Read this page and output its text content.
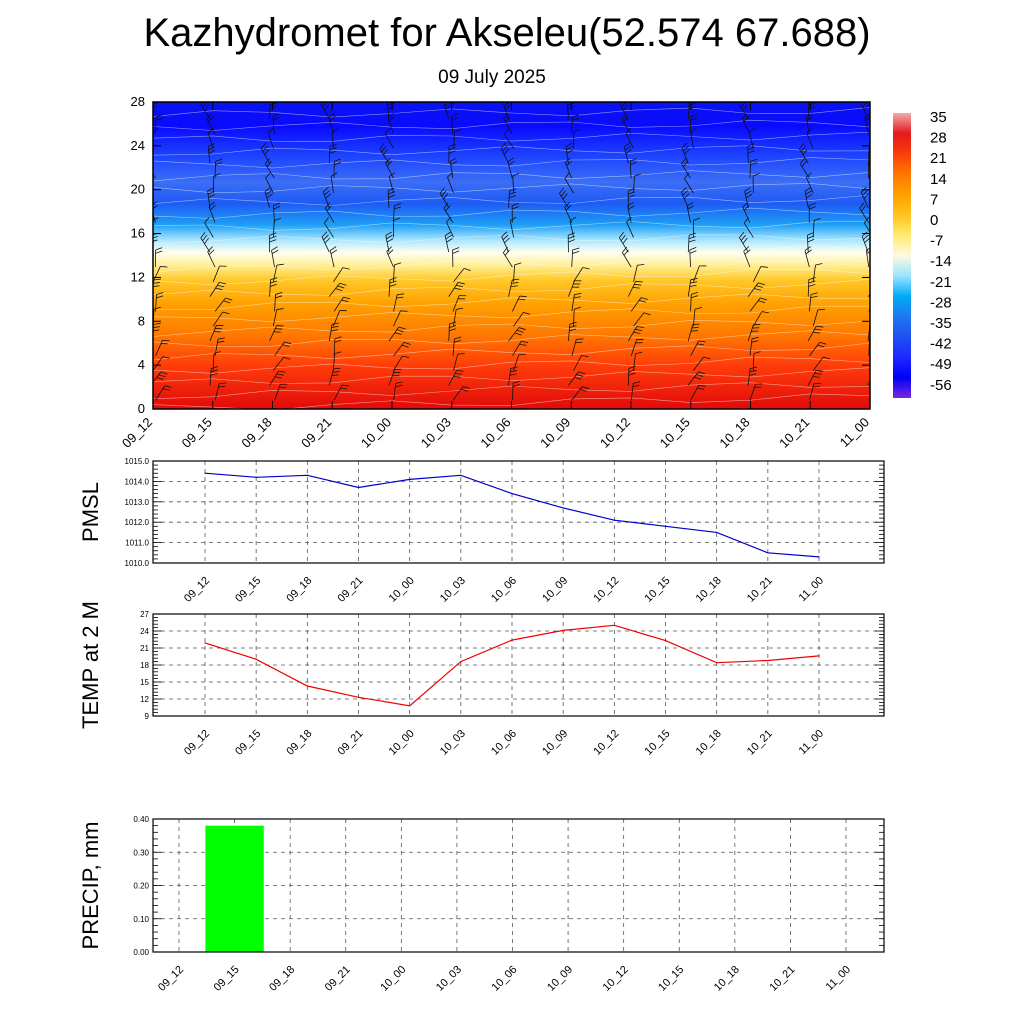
Kazhydromet for Akseleu(52.574 67.688)
09 July 2025
0
4
8
12
16
20
24
28
09_12 09_15 09_18 09_21 10_00 10_03 10_06 10_09 10_12 10_15 10_18 10_21 11_00
35
28
21
14
7
0
-7
-14
-21
-28
-35
-42
-49
-56
1010.0
1011.0
1012.0
1013.0
1014.0
1015.0
09_12 09_15 09_18 09_21 10_00 10_03 10_06 10_09 10_12 10_15 10_18 10_21 11_00
PMSL
9
12
15
18
21
24
27
09_12 09_15 09_18 09_21 10_00 10_03 10_06 10_09 10_12 10_15 10_18 10_21 11_00
TEMP at 2 M
0.00
0.10
0.20
0.30
0.40
09_12 09_15 09_18 09_21 10_00 10_03 10_06 10_09 10_12 10_15 10_18 10_21 11_00
PRECIP, mm
